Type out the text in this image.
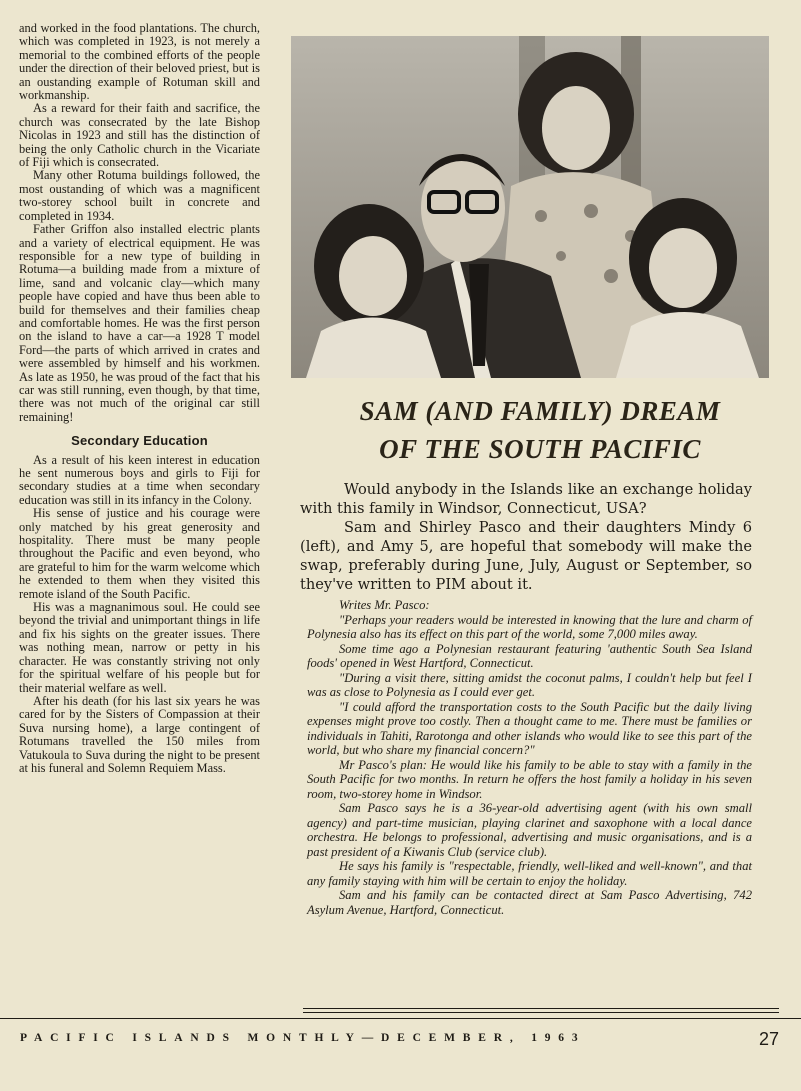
and worked in the food plantations. The church, which was completed in 1923, is not merely a memorial to the combined efforts of the people under the direction of their beloved priest, but is an oustanding example of Rotuman skill and workmanship.

As a reward for their faith and sacrifice, the church was consecrated by the late Bishop Nicolas in 1923 and still has the distinction of being the only Catholic church in the Vicariate of Fiji which is consecrated.

Many other Rotuma buildings followed, the most oustanding of which was a magnificent two-storey school built in concrete and completed in 1934.

Father Griffon also installed electric plants and a variety of electrical equipment. He was responsible for a new type of building in Rotuma—a building made from a mixture of lime, sand and volcanic clay—which many people have copied and have thus been able to build for themselves and their families cheap and comfortable homes. He was the first person on the island to have a car—a 1928 T model Ford—the parts of which arrived in crates and were assembled by himself and his workmen. As late as 1950, he was proud of the fact that his car was still running, even though, by that time, there was not much of the original car still remaining!

Secondary Education

As a result of his keen interest in education he sent numerous boys and girls to Fiji for secondary studies at a time when secondary education was still in its infancy in the Colony.

His sense of justice and his courage were only matched by his great generosity and hospitality. There must be many people throughout the Pacific and even beyond, who are grateful to him for the warm welcome which he extended to them when they visited this remote island of the South Pacific.

His was a magnanimous soul. He could see beyond the trivial and unimportant things in life and fix his sights on the greater issues. There was nothing mean, narrow or petty in his character. He was constantly striving not only for the spiritual welfare of his people but for their material welfare as well.

After his death (for his last six years he was cared for by the Sisters of Compassion at their Suva nursing home), a large contingent of Rotumans travelled the 150 miles from Vatukoula to Suva during the night to be present at his funeral and Solemn Requiem Mass.

SAM (AND FAMILY) DREAM
OF THE SOUTH PACIFIC

Would anybody in the Islands like an exchange holiday with this family in Windsor, Connecticut, USA?

Sam and Shirley Pasco and their daughters Mindy 6 (left), and Amy 5, are hopeful that somebody will make the swap, preferably during June, July, August or September, so they've written to PIM about it.

Writes Mr. Pasco:

"Perhaps your readers would be interested in knowing that the lure and charm of Polynesia also has its effect on this part of the world, some 7,000 miles away.

Some time ago a Polynesian restaurant featuring 'authentic South Sea Island foods' opened in West Hartford, Connecticut.

"During a visit there, sitting amidst the coconut palms, I couldn't help but feel I was as close to Polynesia as I could ever get.

"I could afford the transportation costs to the South Pacific but the daily living expenses might prove too costly. Then a thought came to me. There must be families or individuals in Tahiti, Rarotonga and other islands who would like to see this part of the world, but who share my financial concern?"

Mr Pasco's plan: He would like his family to be able to stay with a family in the South Pacific for two months. In return he offers the host family a holiday in his seven room, two-storey home in Windsor.

Sam Pasco says he is a 36-year-old advertising agent (with his own small agency) and part-time musician, playing clarinet and saxophone with a local dance orchestra. He belongs to professional, advertising and music organisations, and is a past president of a Kiwanis Club (service club).

He says his family is "respectable, friendly, well-liked and well-known", and that any family staying with him will be certain to enjoy the holiday.

Sam and his family can be contacted direct at Sam Pasco Advertising, 742 Asylum Avenue, Hartford, Connecticut.

PACIFIC ISLANDS MONTHLY—DECEMBER, 1963	27
